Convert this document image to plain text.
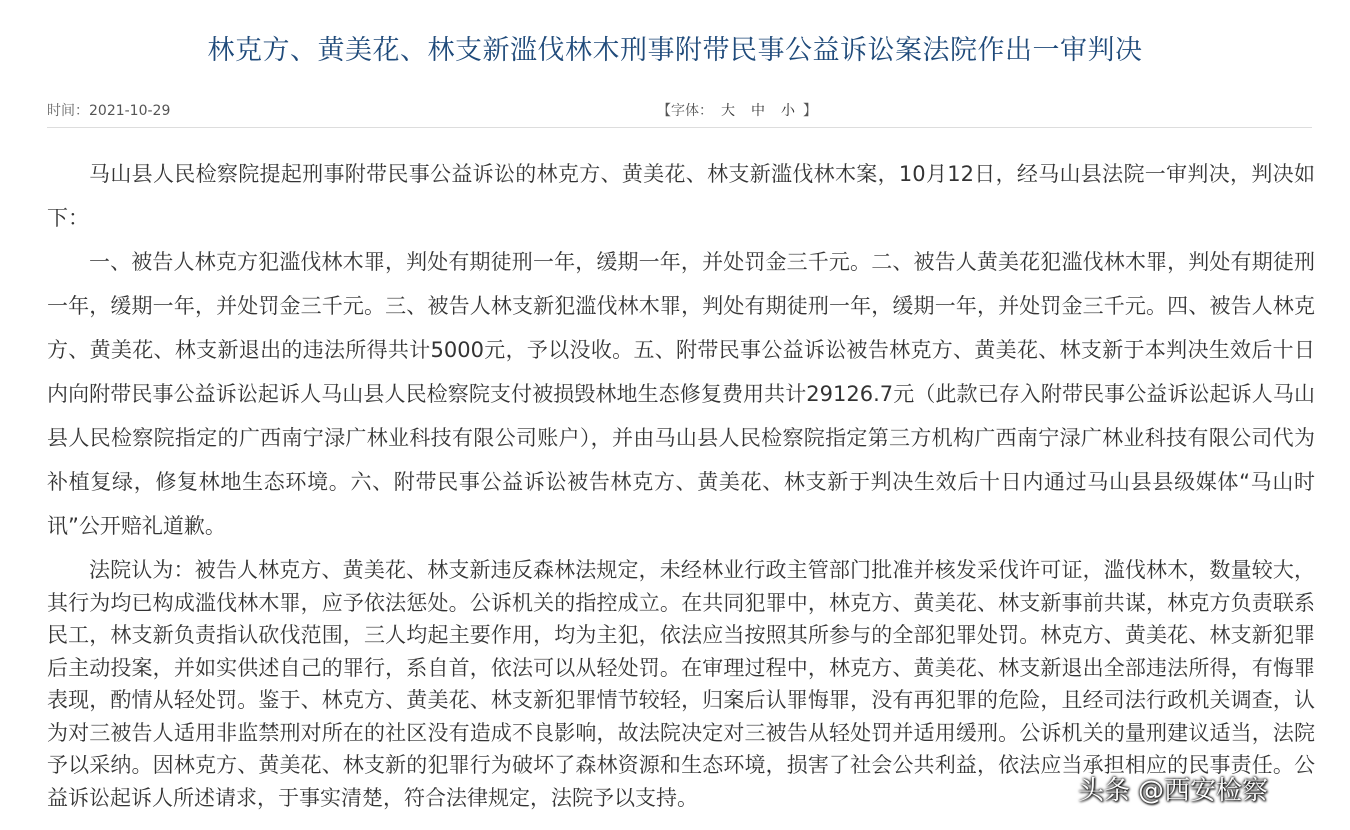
林克方、黄美花、林支新滥伐林木刑事附带民事公益诉讼案法院作出一审判决
时间：2021-10-29	【字体： 大 中 小 】

马山县人民检察院提起刑事附带民事公益诉讼的林克方、黄美花、林支新滥伐林木案，10月12日，经马山县法院一审判决，判决如下：

一、被告人林克方犯滥伐林木罪，判处有期徒刑一年，缓期一年，并处罚金三千元。二、被告人黄美花犯滥伐林木罪，判处有期徒刑一年，缓期一年，并处罚金三千元。三、被告人林支新犯滥伐林木罪，判处有期徒刑一年，缓期一年，并处罚金三千元。四、被告人林克方、黄美花、林支新退出的违法所得共计5000元，予以没收。五、附带民事公益诉讼被告林克方、黄美花、林支新于本判决生效后十日内向附带民事公益诉讼起诉人马山县人民检察院支付被损毁林地生态修复费用共计29126.7元（此款已存入附带民事公益诉讼起诉人马山县人民检察院指定的广西南宁渌广林业科技有限公司账户），并由马山县人民检察院指定第三方机构广西南宁渌广林业科技有限公司代为补植复绿，修复林地生态环境。六、附带民事公益诉讼被告林克方、黄美花、林支新于判决生效后十日内通过马山县县级媒体“马山时讯”公开赔礼道歉。

法院认为：被告人林克方、黄美花、林支新违反森林法规定，未经林业行政主管部门批准并核发采伐许可证，滥伐林木，数量较大，其行为均已构成滥伐林木罪，应予依法惩处。公诉机关的指控成立。在共同犯罪中，林克方、黄美花、林支新事前共谋，林克方负责联系民工，林支新负责指认砍伐范围，三人均起主要作用，均为主犯，依法应当按照其所参与的全部犯罪处罚。林克方、黄美花、林支新犯罪后主动投案，并如实供述自己的罪行，系自首，依法可以从轻处罚。在审理过程中，林克方、黄美花、林支新退出全部违法所得，有悔罪表现，酌情从轻处罚。鉴于、林克方、黄美花、林支新犯罪情节较轻，归案后认罪悔罪，没有再犯罪的危险，且经司法行政机关调查，认为对三被告人适用非监禁刑对所在的社区没有造成不良影响，故法院决定对三被告从轻处罚并适用缓刑。公诉机关的量刑建议适当，法院予以采纳。因林克方、黄美花、林支新的犯罪行为破坏了森林资源和生态环境，损害了社会公共利益，依法应当承担相应的民事责任。公益诉讼起诉人所述请求，于事实清楚，符合法律规定，法院予以支持。	头条 @西安检察
